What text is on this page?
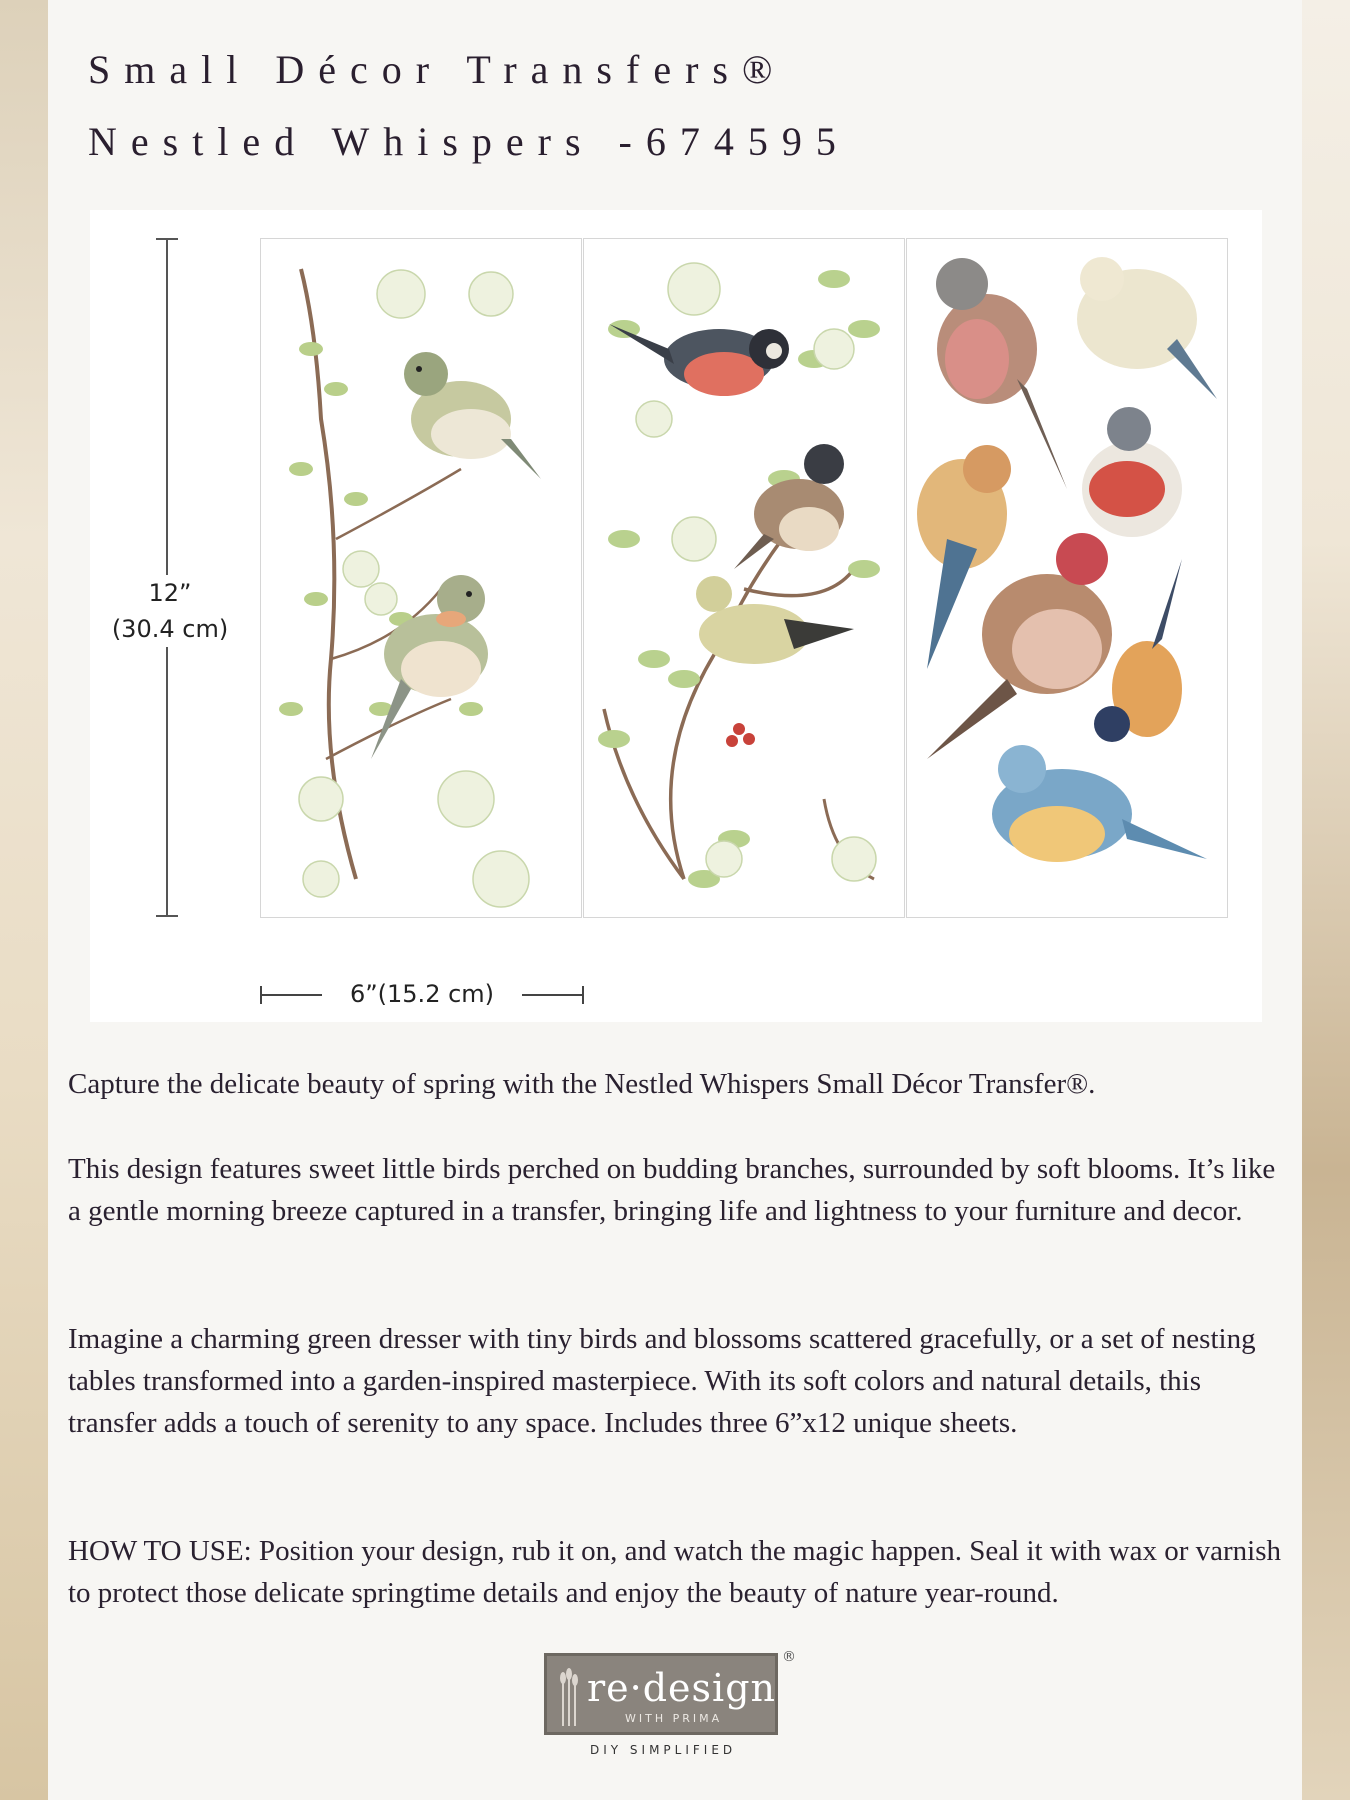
Small Décor Transfers®
Nestled Whispers -674595
12”
(30.4 cm)
6”(15.2 cm)

Capture the delicate beauty of spring with the Nestled Whispers Small Décor Transfer®.

This design features sweet little birds perched on budding branches, surrounded by soft blooms. It’s like a gentle morning breeze captured in a transfer, bringing life and lightness to your furniture and decor.

Imagine a charming green dresser with tiny birds and blossoms scattered gracefully, or a set of nesting tables transformed into a garden-inspired masterpiece. With its soft colors and natural details, this transfer adds a touch of serenity to any space. Includes three 6”x12 unique sheets.

HOW TO USE: Position your design, rub it on, and watch the magic happen. Seal it with wax or varnish to protect those delicate springtime details and enjoy the beauty of nature year-round.

re·design
WITH PRIMA
®
DIY SIMPLIFIED
